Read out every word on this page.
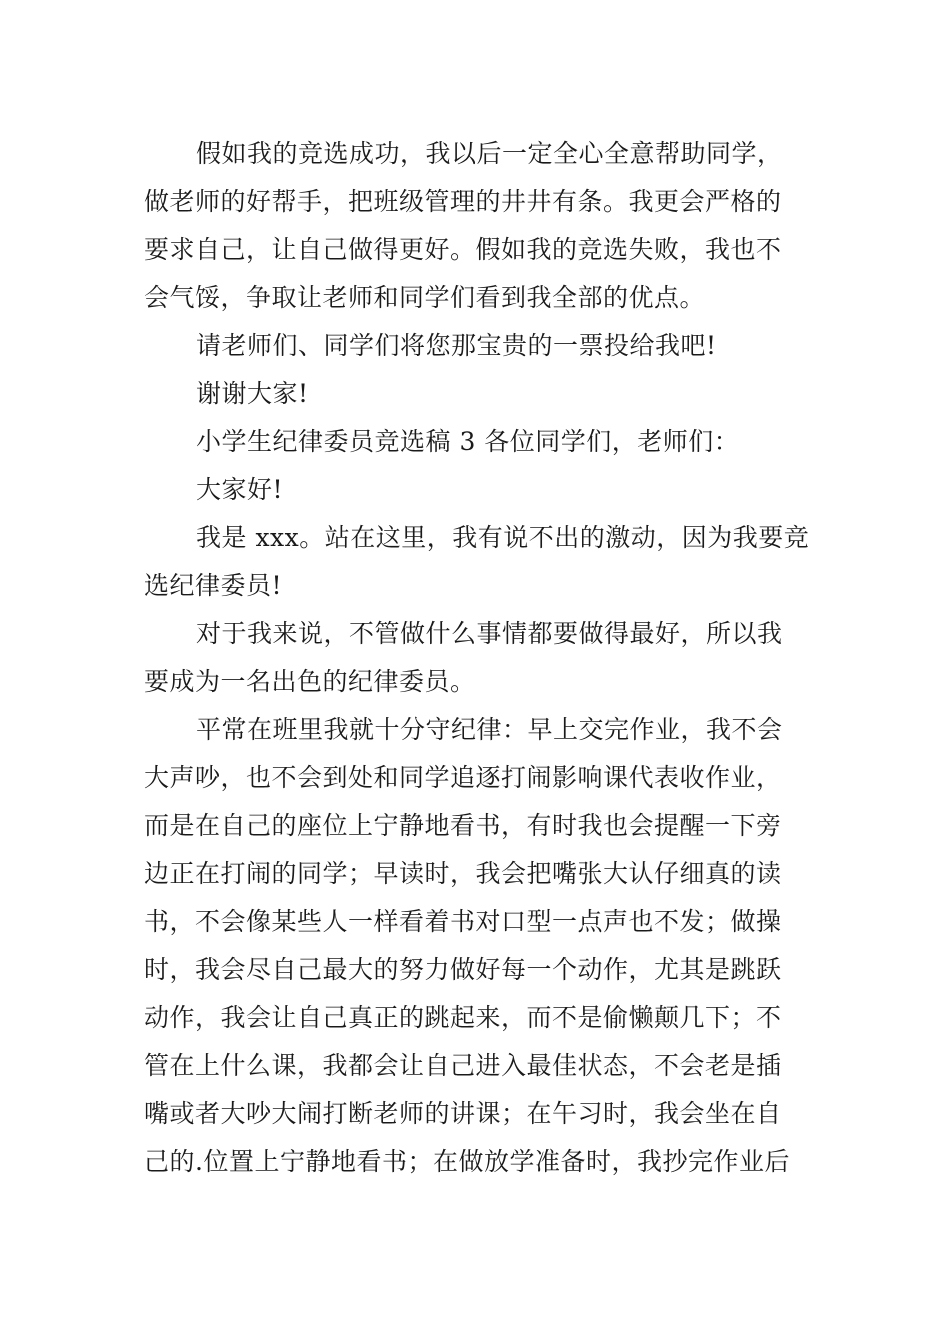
假如我的竞选成功，我以后一定全心全意帮助同学，
做老师的好帮手，把班级管理的井井有条。我更会严格的
要求自己，让自己做得更好。假如我的竞选失败，我也不
会气馁，争取让老师和同学们看到我全部的优点。

请老师们、同学们将您那宝贵的一票投给我吧!

谢谢大家!

小学生纪律委员竞选稿 3 各位同学们，老师们：

大家好!

我是 xxx。站在这里，我有说不出的激动，因为我要竞
选纪律委员!

对于我来说，不管做什么事情都要做得最好，所以我
要成为一名出色的纪律委员。

平常在班里我就十分守纪律：早上交完作业，我不会
大声吵，也不会到处和同学追逐打闹影响课代表收作业，
而是在自己的座位上宁静地看书，有时我也会提醒一下旁
边正在打闹的同学；早读时，我会把嘴张大认仔细真的读
书，不会像某些人一样看着书对口型一点声也不发；做操
时，我会尽自己最大的努力做好每一个动作，尤其是跳跃
动作，我会让自己真正的跳起来，而不是偷懒颠几下；不
管在上什么课，我都会让自己进入最佳状态，不会老是插
嘴或者大吵大闹打断老师的讲课；在午习时，我会坐在自
己的.位置上宁静地看书；在做放学准备时，我抄完作业后
